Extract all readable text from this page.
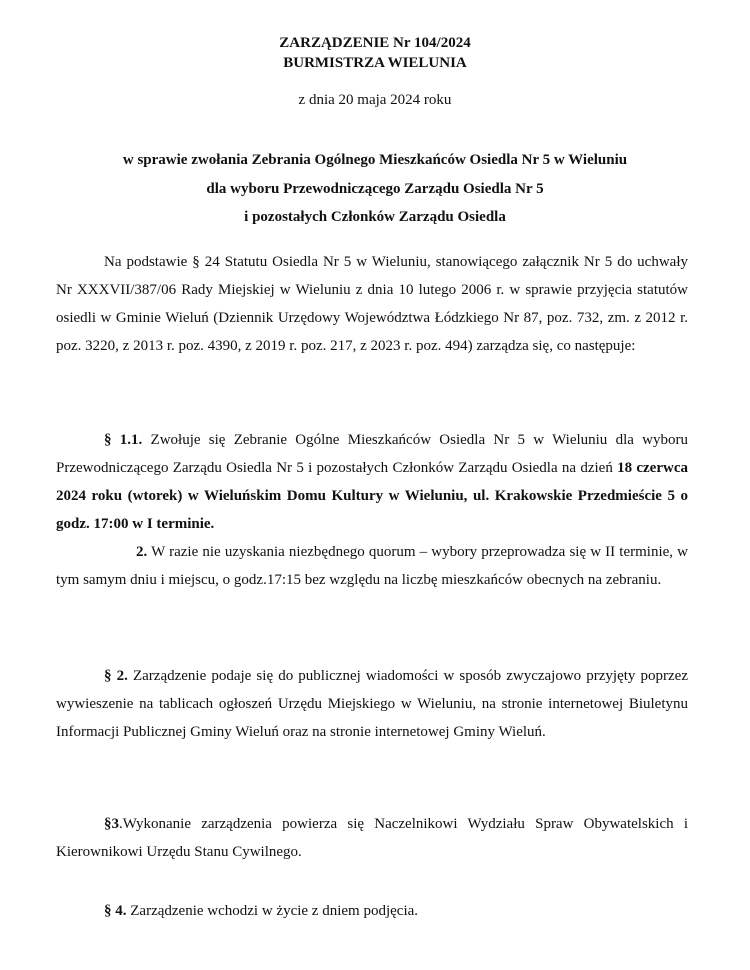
ZARZĄDZENIE Nr 104/2024
BURMISTRZA WIELUNIA
z dnia 20 maja 2024 roku
w sprawie zwołania Zebrania Ogólnego Mieszkańców Osiedla Nr 5 w Wieluniu
dla wyboru Przewodniczącego Zarządu Osiedla Nr 5
i pozostałych Członków Zarządu Osiedla

Na podstawie § 24 Statutu Osiedla Nr 5 w Wieluniu, stanowiącego załącznik Nr 5 do uchwały Nr XXXVII/387/06 Rady Miejskiej w Wieluniu z dnia 10 lutego 2006 r. w sprawie przyjęcia statutów osiedli w Gminie Wieluń (Dziennik Urzędowy Województwa Łódzkiego Nr 87, poz. 732, zm. z 2012 r. poz. 3220, z 2013 r. poz. 4390, z 2019 r. poz. 217, z 2023 r. poz. 494) zarządza się, co następuje:

§ 1.1. Zwołuje się Zebranie Ogólne Mieszkańców Osiedla Nr 5 w Wieluniu dla wyboru Przewodniczącego Zarządu Osiedla Nr 5 i pozostałych Członków Zarządu Osiedla na dzień 18 czerwca 2024 roku (wtorek) w Wieluńskim Domu Kultury w Wieluniu, ul. Krakowskie Przedmieście 5 o godz. 17:00 w I terminie.

2. W razie nie uzyskania niezbędnego quorum – wybory przeprowadza się w II terminie, w tym samym dniu i miejscu, o godz.17:15 bez względu na liczbę mieszkańców obecnych na zebraniu.

§ 2. Zarządzenie podaje się do publicznej wiadomości w sposób zwyczajowo przyjęty poprzez wywieszenie na tablicach ogłoszeń Urzędu Miejskiego w Wieluniu, na stronie internetowej Biuletynu Informacji Publicznej Gminy Wieluń oraz na stronie internetowej Gminy Wieluń.

§3.Wykonanie zarządzenia powierza się Naczelnikowi Wydziału Spraw Obywatelskich i Kierownikowi Urzędu Stanu Cywilnego.

§ 4. Zarządzenie wchodzi w życie z dniem podjęcia.
